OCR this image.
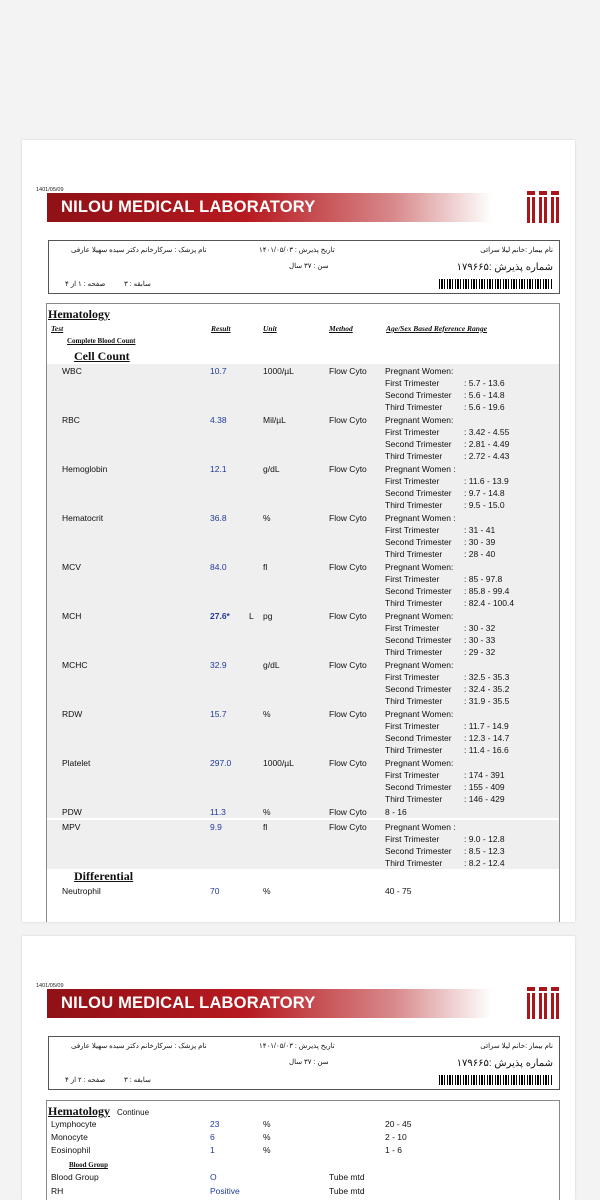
1401/05/09
NILOU MEDICAL LABORATORY
نام بیمار :خانم لیلا سرائی
تاریخ پذیرش : ۱۴۰۱/۰۵/۰۳
نام پزشک : سرکارخانم دکتر سیده سهیلا عارفی
شماره پذیرش :۱۷۹۶۶۵
سن : ۳۷ سال
سابقه : ۳
صفحه : ۱ از ۴
Hematology
Test	Result	Unit	Method	Age/Sex Based Reference Range
Complete Blood Count
Cell Count
WBC	10.7	1000/µL	Flow Cyto Pregnant Women:
First Trimester	: 5.7 - 13.6
Second Trimester : 5.6 - 14.8
Third Trimester	: 5.6 - 19.6
RBC	4.38	Mil/µL	Flow Cyto Pregnant Women:
First Trimester	: 3.42 - 4.55
Second Trimester : 2.81 - 4.49
Third Trimester	: 2.72 - 4.43
Hemoglobin	12.1	g/dL	Flow Cyto Pregnant Women :
First Trimester	: 11.6 - 13.9
Second Trimester : 9.7 - 14.8
Third Trimester	: 9.5 - 15.0
Hematocrit	36.8	%	Flow Cyto Pregnant Women :
First Trimester	: 31 - 41
Second Trimester : 30 - 39
Third Trimester	: 28 - 40
MCV	84.0	fl	Flow Cyto Pregnant Women:
First Trimester	: 85 - 97.8
Second Trimester : 85.8 - 99.4
Third Trimester	: 82.4 - 100.4
MCH	27.6* L pg	Flow Cyto Pregnant Women:
First Trimester	: 30 - 32
Second Trimester : 30 - 33
Third Trimester	: 29 - 32
MCHC	32.9	g/dL	Flow Cyto Pregnant Women:
First Trimester	: 32.5 - 35.3
Second Trimester : 32.4 - 35.2
Third Trimester	: 31.9 - 35.5
RDW	15.7	%	Flow Cyto Pregnant Women:
First Trimester	: 11.7 - 14.9
Second Trimester : 12.3 - 14.7
Third Trimester	: 11.4 - 16.6
Platelet	297.0	1000/µL	Flow Cyto Pregnant Women:
First Trimester	: 174 - 391
Second Trimester : 155 - 409
Third Trimester	: 146 - 429
PDW	11.3	%	Flow Cyto 8 - 16
MPV	9.9	fl	Flow Cyto Pregnant Women :
First Trimester	: 9.0 - 12.8
Second Trimester : 8.5 - 12.3
Third Trimester	: 8.2 - 12.4
Differential
Neutrophil	70	%	40 - 75
1401/05/09
NILOU MEDICAL LABORATORY
نام بیمار :خانم لیلا سرائی
تاریخ پذیرش : ۱۴۰۱/۰۵/۰۳
نام پزشک : سرکارخانم دکتر سیده سهیلا عارفی
شماره پذیرش :۱۷۹۶۶۵
سن : ۳۷ سال
سابقه : ۳
صفحه : ۲ از ۴
Hematology Continue
Lymphocyte	23	%	20 - 45
Monocyte	6	%	2 - 10
Eosinophil	1	%	1 - 6
Blood Group
Blood Group	O	Tube mtd
RH	Positive	Tube mtd
